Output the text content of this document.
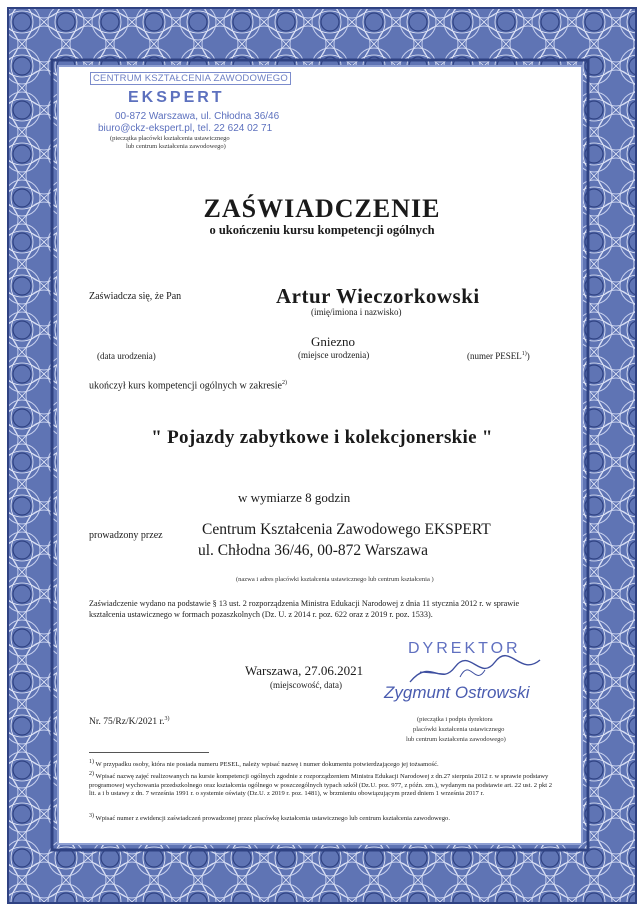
CENTRUM KSZTAŁCENIA ZAWODOWEGO
EKSPERT
00-872 Warszawa, ul. Chłodna 36/46
biuro@ckz-ekspert.pl, tel. 22 624 02 71
(pieczątka placówki kształcenia ustawicznego
lub centrum kształcenia zawodowego)
ZAŚWIADCZENIE
o ukończeniu kursu kompetencji ogólnych
Zaświadcza się, że Pan	Artur Wieczorkowski
(imię/imiona i nazwisko)
Gniezno
(data urodzenia)	(miejsce urodzenia)	(numer PESEL$^{1)}$)
ukończył kurs kompetencji ogólnych w zakresie$^{2)}$
" Pojazdy zabytkowe i kolekcjonerskie "
w wymiarze 8 godzin
prowadzony przez	Centrum Kształcenia Zawodowego EKSPERT
ul. Chłodna 36/46, 00-872 Warszawa
(nazwa i adres placówki kształcenia ustawicznego lub centrum kształcenia )
Zaświadczenie wydano na podstawie § 13 ust. 2 rozporządzenia Ministra Edukacji Narodowej z dnia 11 stycznia 2012 r. w sprawie kształcenia ustawicznego w formach pozaszkolnych (Dz. U. z 2014 r. poz. 622 oraz z 2019 r. poz. 1533).
Warszawa, 27.06.2021
(miejscowość, data)
DYREKTOR
Zygmunt Ostrowski
(pieczątka i podpis dyrektora
placówki kształcenia ustawicznego
lub centrum kształcenia zawodowego)
Nr. 75/Rz/K/2021 r.$^{3)}$
$^{1)}$ W przypadku osoby, która nie posiada numeru PESEL, należy wpisać nazwę i numer dokumentu potwierdzającego jej tożsamość.
$^{2)}$ Wpisać nazwę zajęć realizowanych na kursie kompetencji ogólnych zgodnie z rozporządzeniem Ministra Edukacji Narodowej z dn.27 sierpnia 2012 r. w sprawie podstawy programowej wychowania przedszkolnego oraz kształcenia ogólnego w poszczególnych typach szkół (Dz.U. poz. 977, z późn. zm.), wydanym na podstawie art. 22 ust. 2 pkt 2 lit. a i b ustawy z dn. 7 września 1991 r. o systemie oświaty (Dz.U. z 2019 r. poz. 1481), w brzmieniu obowiązującym przed dniem 1 września 2017 r.
$^{3)}$ Wpisać numer z ewidencji zaświadczeń prowadzonej przez placówkę kształcenia ustawicznego lub centrum kształcenia zawodowego.
